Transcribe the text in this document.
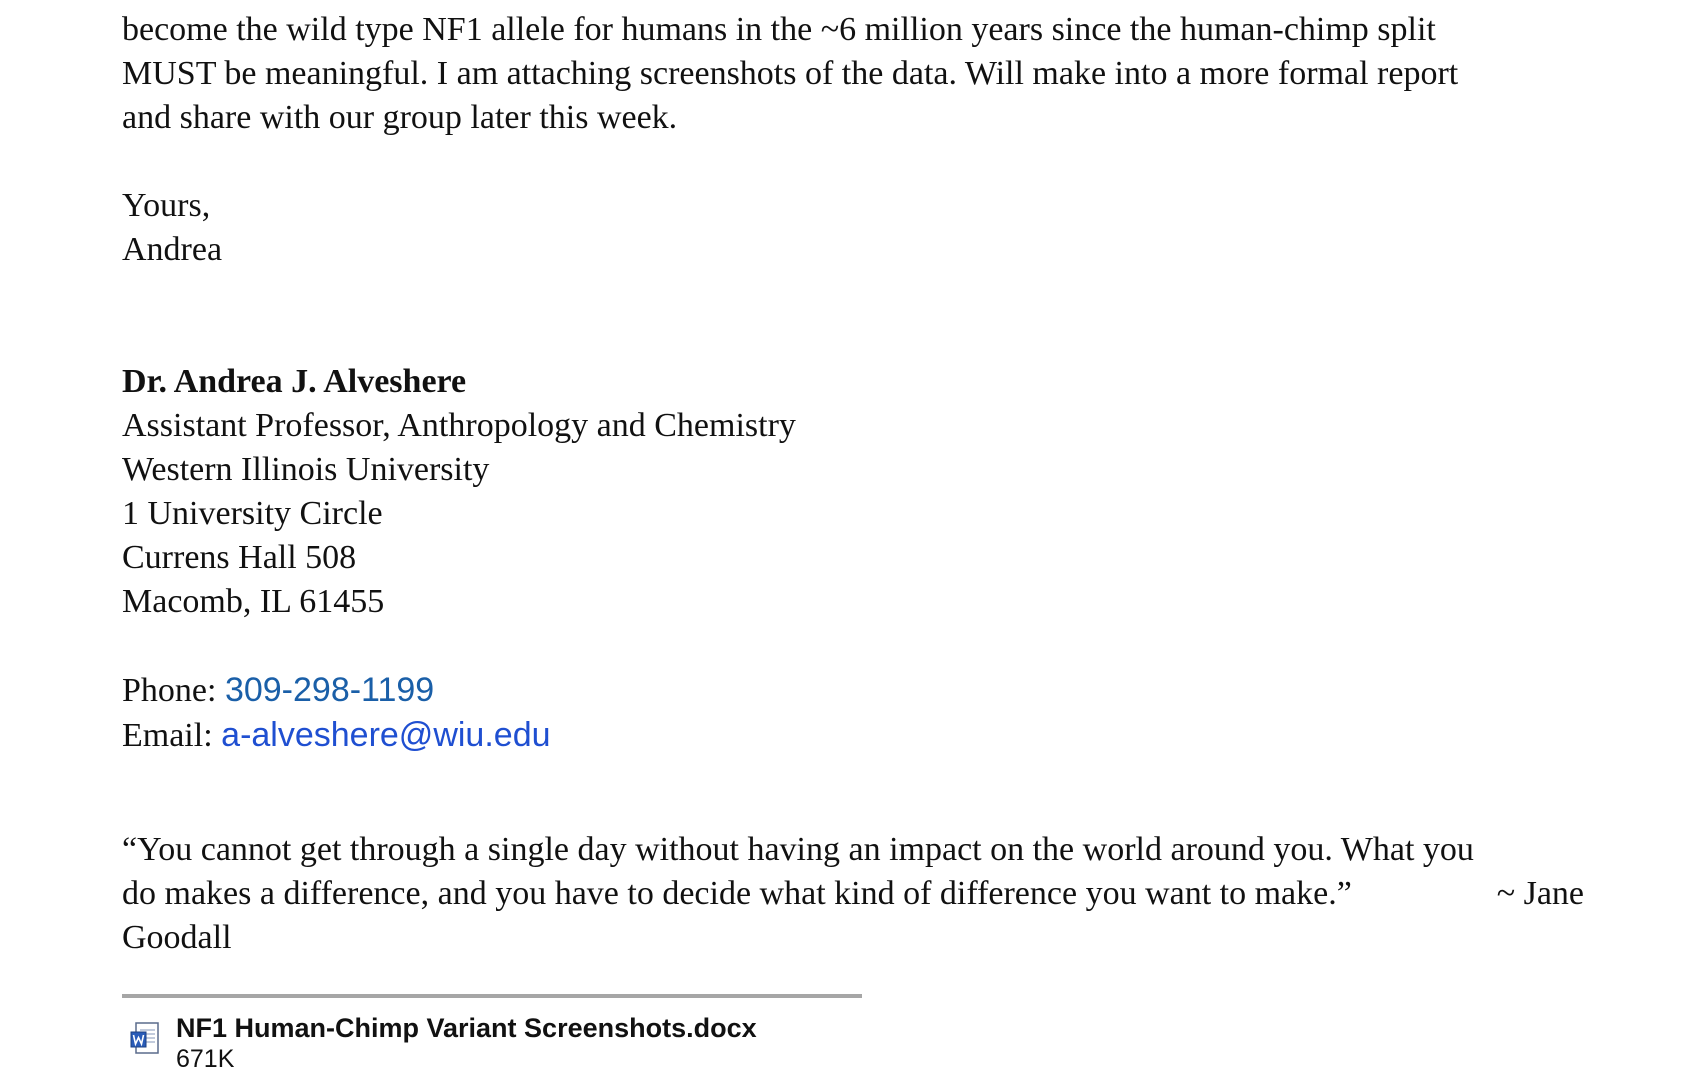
become the wild type NF1 allele for humans in the ~6 million years since the human-chimp split
MUST be meaningful. I am attaching screenshots of the data. Will make into a more formal report
and share with our group later this week.

Yours,
Andrea

Dr. Andrea J. Alveshere
Assistant Professor, Anthropology and Chemistry
Western Illinois University
1 University Circle
Currens Hall 508
Macomb, IL 61455
Phone: 309-298-1199
Email: a-alveshere@wiu.edu
“You cannot get through a single day without having an impact on the world around you. What you
do makes a difference, and you have to decide what kind of difference you want to make.”	~ Jane
Goodall
NF1 Human-Chimp Variant Screenshots.docx
671K
